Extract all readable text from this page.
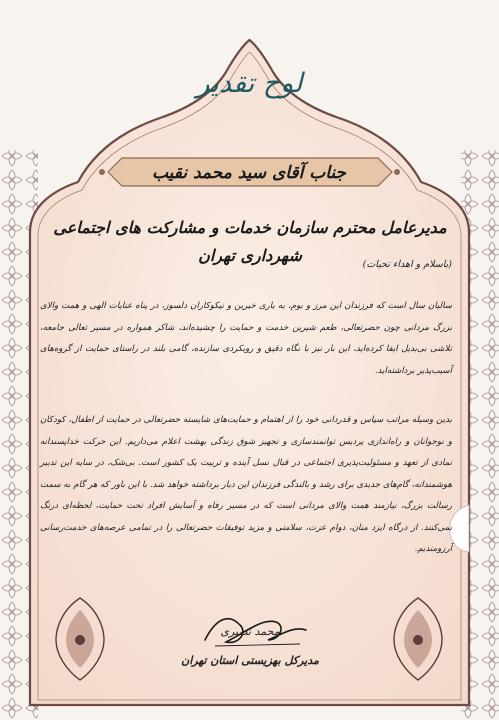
لوح تقدیر
جناب آقای سید محمد نقیب
مدیرعامل محترم سازمان خدمات و مشارکت های اجتماعی شهرداری تهران	(باسلام و اهداء تحیات)
سالیان سال است که فرزندان این مرز و بوم، به یاری خیرین و نیکوکاران دلسوز، در پناه عنایات الهی و همت والای بزرگ مردانی چون حضرتعالی، طعم شیرین خدمت و حمایت را چشیده‌اند، شاکر همواره در مسیر تعالی جامعه، تلاشی بی‌بدیل ایفا کرده‌اید، این بار نیز با نگاه دقیق و رویکردی سازنده، گامی بلند در راستای حمایت از گروه‌های آسیب‌پذیر برداشته‌اید.
بدین وسیله مراتب سپاس و قدردانی خود را از اهتمام و حمایت‌های شایسته حضرتعالی در حمایت از اطفال، کودکان و نوجوانان و راه‌اندازی پردیس توانمندسازی و تجهیز شوق زندگی بهشت اعلام می‌داریم. این حرکت خداپسندانه نمادی از تعهد و مسئولیت‌پذیری اجتماعی در قبال نسل آینده و تربیت یک کشور است. بی‌شک، در سایه این تدبیر هوشمندانه، گام‌های جدیدی برای رشد و بالندگی فرزندان این دیار برداشته خواهد شد. با این باور که هر گام به سمت رسالت بزرگ، نیازمند همت والای مردانی است که در مسیر رفاه و آسایش افراد تحت حمایت، لحظه‌ای درنگ نمی‌کنند. از درگاه ایزد منان، دوام عزت، سلامتی و مزید توفیقات حضرتعالی را در تمامی عرصه‌های خدمت‌رسانی آرزومندیم.
محمد نصیری
مدیرکل بهزیستی استان تهران
